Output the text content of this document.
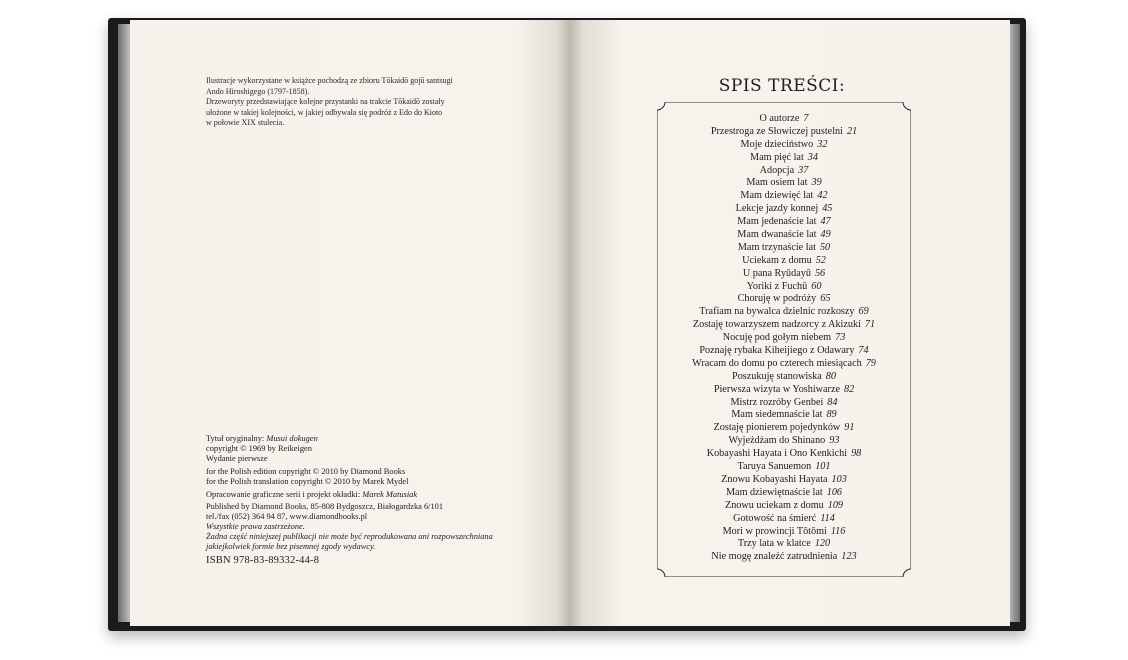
Ilustracje wykorzystane w książce pochodzą ze zbioru Tōkaidō gojū santsugi

Ando Hiroshigego (1797-1858).

Drzeworyty przedstawiające kolejne przystanki na trakcie Tōkaidō zostały

ułożone w takiej kolejności, w jakiej odbywała się podróż z Edo do Kioto

w połowie XIX stulecia.

Tytuł oryginalny: Musui dokugen

copyright © 1969 by Reikeigen

Wydanie pierwsze

for the Polish edition copyright © 2010 by Diamond Books

for the Polish translation copyright © 2010 by Marek Mydel

Opracowanie graficzne serii i projekt okładki: Marek Matusiak

Published by Diamond Books, 85-808 Bydgoszcz, Białogardzka 6/101

tel./fax (052) 364 94 87, www.diamondbooks.pl

Wszystkie prawa zastrzeżone.

Żadna część niniejszej publikacji nie może być reprodukowana ani rozpowszechniana

jakiejkolwiek formie bez pisemnej zgody wydawcy.

ISBN 978-83-89332-44-8

SPIS TREŚCI:
O autorze 7
Przestroga ze Słowiczej pustelni 21
Moje dzieciństwo 32
Mam pięć lat 34
Adopcja 37
Mam osiem lat 39
Mam dziewięć lat 42
Lekcje jazdy konnej 45
Mam jedenaście lat 47
Mam dwanaście lat 49
Mam trzynaście lat 50
Uciekam z domu 52
U pana Ryūdayū 56
Yoriki z Fuchū 60
Choruję w podróży 65
Trafiam na bywalca dzielnic rozkoszy 69
Zostaję towarzyszem nadzorcy z Akizuki 71
Nocuję pod gołym niebem 73
Poznaję rybaka Kiheijiego z Odawary 74
Wracam do domu po czterech miesiącach 79
Poszukuję stanowiska 80
Pierwsza wizyta w Yoshiwarze 82
Mistrz rozróby Genbei 84
Mam siedemnaście lat 89
Zostaję pionierem pojedynków 91
Wyjeżdżam do Shinano 93
Kobayashi Hayata i Ono Kenkichi 98
Taruya Sanuemon 101
Znowu Kobayashi Hayata 103
Mam dziewiętnaście lat 106
Znowu uciekam z domu 109
Gotowość na śmierć 114
Mori w prowincji Tōtōmi 116
Trzy lata w klatce 120
Nie mogę znaleźć zatrudnienia 123
